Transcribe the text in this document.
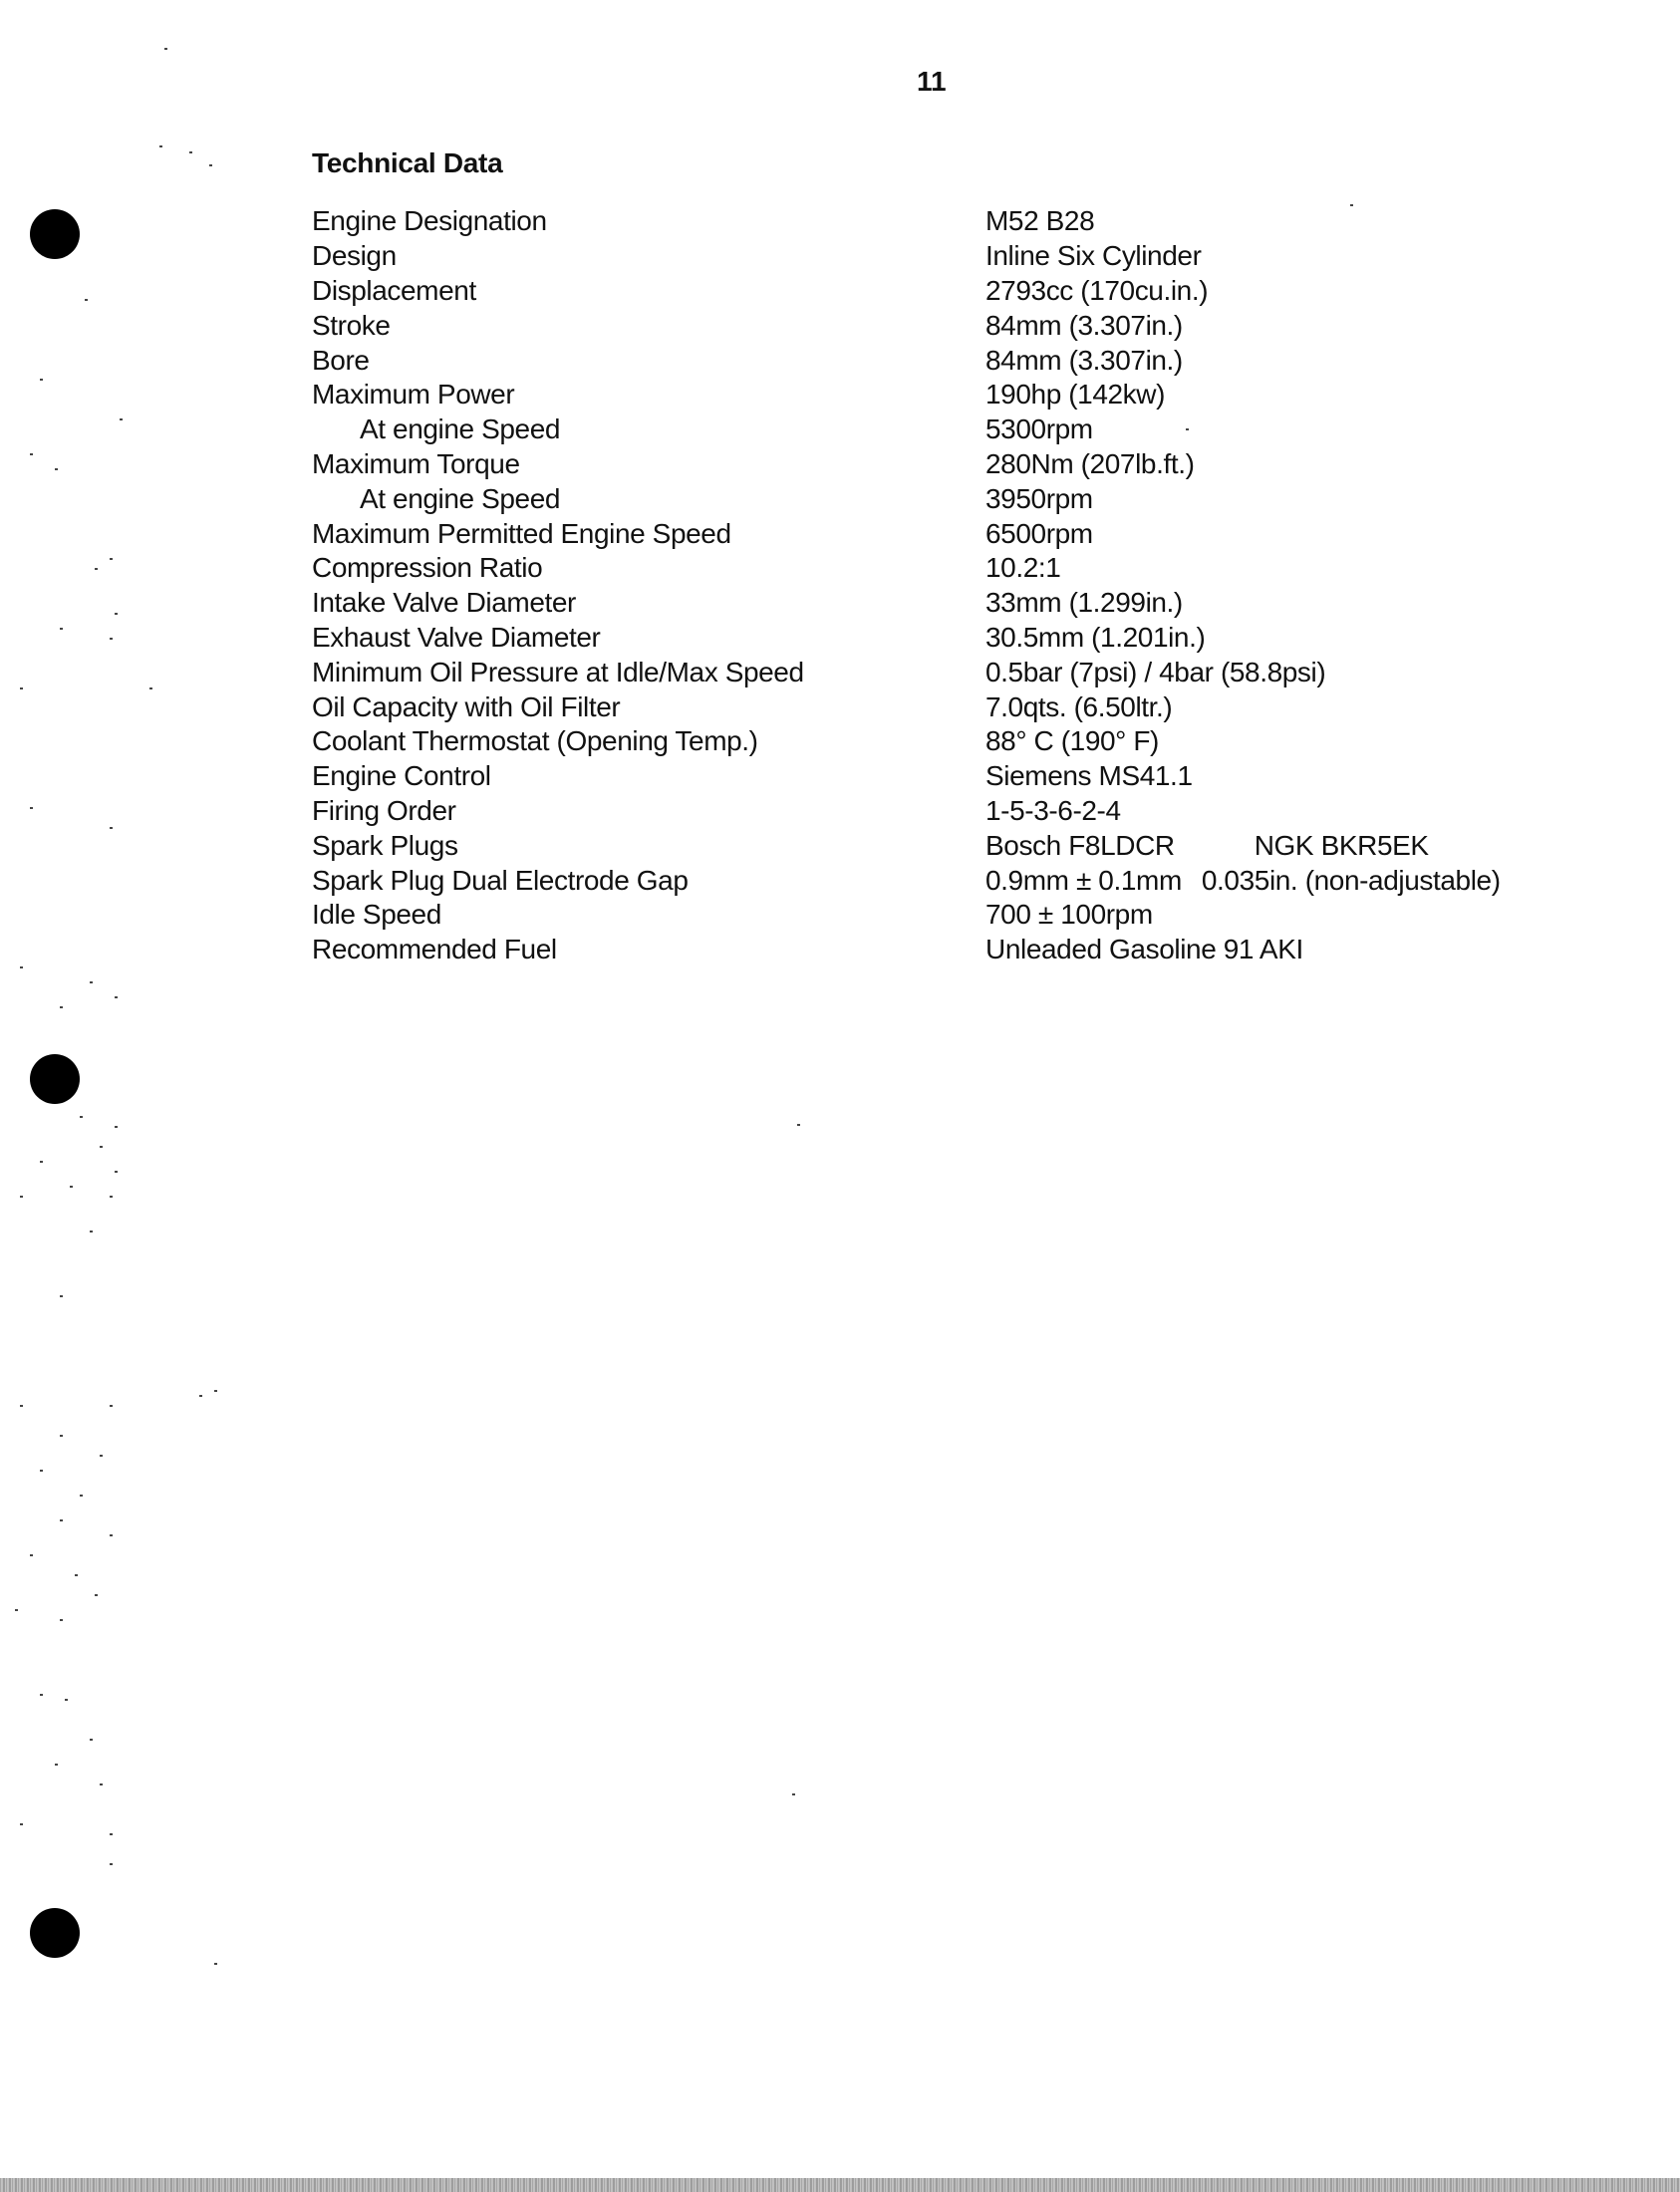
11
Technical Data
Engine Designation	M52 B28
Design	Inline Six Cylinder
Displacement	2793cc (170cu.in.)
Stroke	84mm (3.307in.)
Bore	84mm (3.307in.)
Maximum Power	190hp (142kw)
At engine Speed	5300rpm
Maximum Torque	280Nm (207lb.ft.)
At engine Speed	3950rpm
Maximum Permitted Engine Speed	6500rpm
Compression Ratio	10.2:1
Intake Valve Diameter	33mm (1.299in.)
Exhaust Valve Diameter	30.5mm (1.201in.)
Minimum Oil Pressure at Idle/Max Speed	0.5bar (7psi) / 4bar (58.8psi)
Oil Capacity with Oil Filter	7.0qts. (6.50ltr.)
Coolant Thermostat (Opening Temp.)	88° C (190° F)
Engine Control	Siemens MS41.1
Firing Order	1-5-3-6-2-4
Spark Plugs	Bosch F8LDCR	NGK BKR5EK
Spark Plug Dual Electrode Gap	0.9mm ± 0.1mm 0.035in. (non-adjustable)
Idle Speed	700 ± 100rpm
Recommended Fuel	Unleaded Gasoline 91 AKI
